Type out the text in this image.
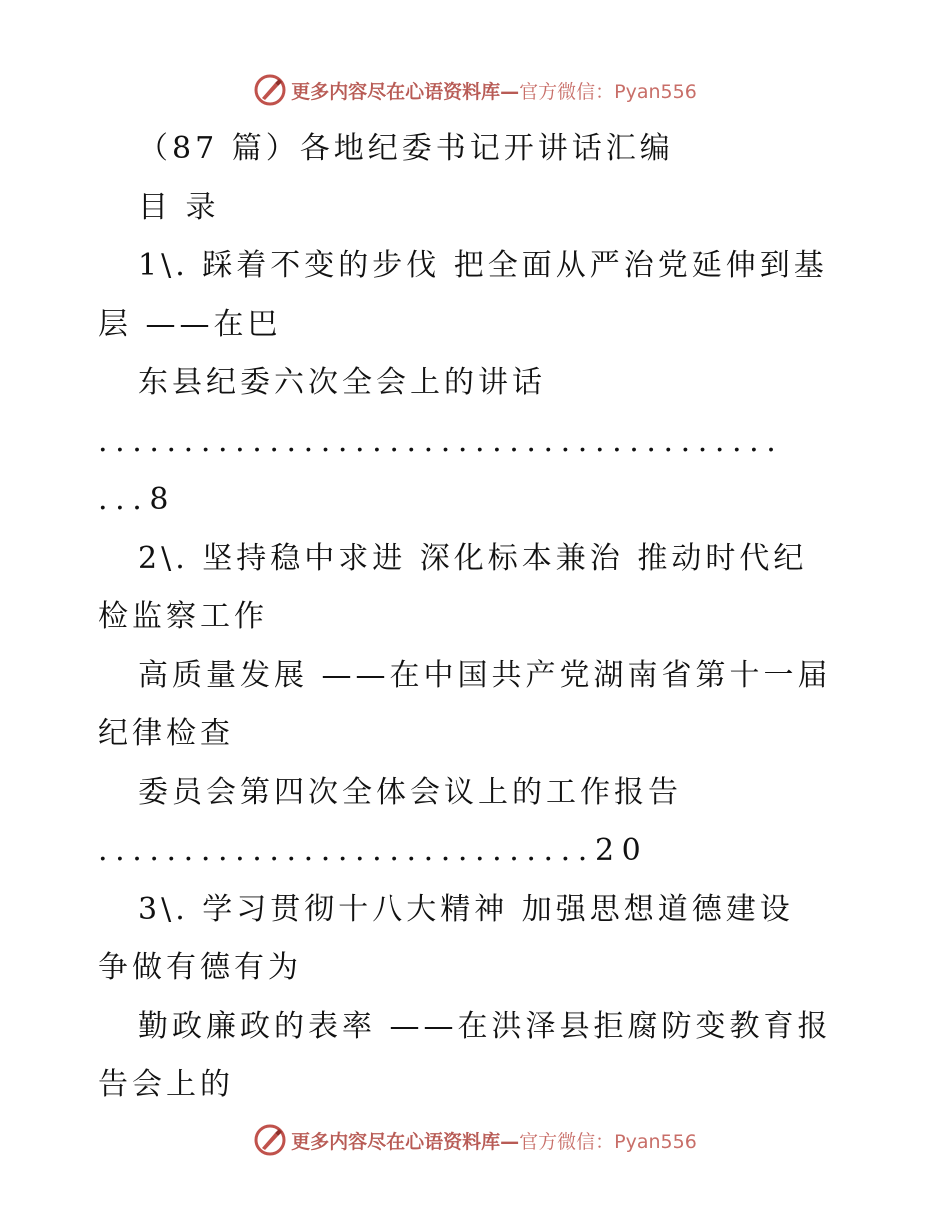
更多内容尽在心语资料库—官方微信：Pyan556
（87 篇）各地纪委书记开讲话汇编
目 录
1\. 踩着不变的步伐 把全面从严治党延伸到基
层 ——在巴
东县纪委六次全会上的讲话
........................................
...8
2\. 坚持稳中求进 深化标本兼治 推动时代纪
检监察工作
高质量发展 ——在中国共产党湖南省第十一届
纪律检查
委员会第四次全体会议上的工作报告
.............................20
3\. 学习贯彻十八大精神 加强思想道德建设
争做有德有为
勤政廉政的表率 ——在洪泽县拒腐防变教育报
告会上的
更多内容尽在心语资料库—官方微信：Pyan556
